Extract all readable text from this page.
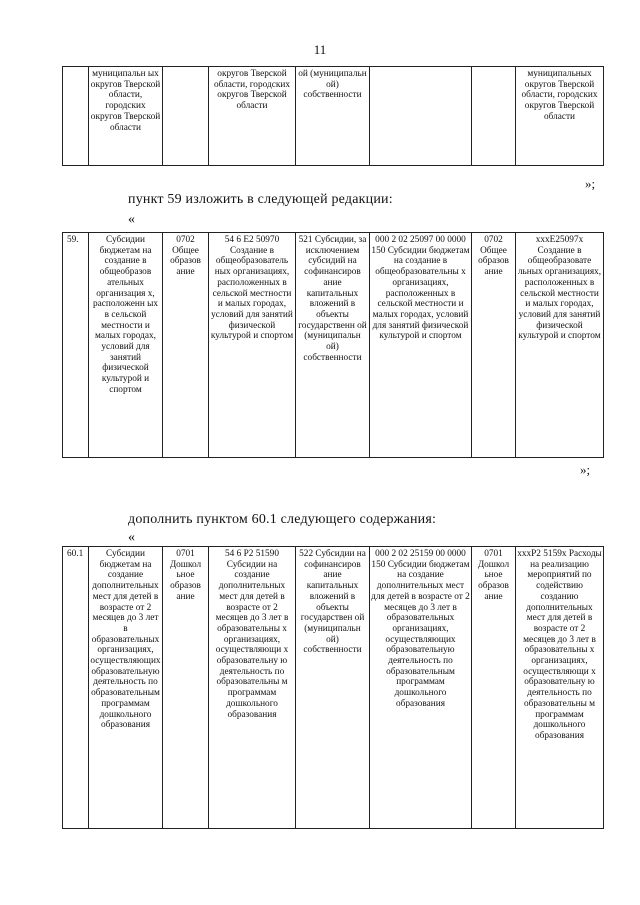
11
	муниципальн ых округов Тверской области, городских округов Тверской области		округов Тверской области, городских округов Тверской области	ой (муниципальн ой) собственности			муниципальных округов Тверской области, городских округов Тверской области
»;
пункт 59 изложить в следующей редакции:
«
59.	Субсидии бюджетам на создание в общеобразов ательных организация х, расположенн ых в сельской местности и малых городах, условий для занятий физической культурой и спортом	0702 Общее образов ание	54 6 E2 50970 Создание в общеобразователь ных организациях, расположенных в сельской местности и малых городах, условий для занятий физической культурой и спортом	521 Субсидии, за исключением субсидий на софинансиров ание капитальных вложений в объекты государственн ой (муниципальн ой) собственности	000 2 02 25097 00 0000 150 Субсидии бюджетам на создание в общеобразовательны х организациях, расположенных в сельской местности и малых городах, условий для занятий физической культурой и спортом	0702 Общее образов ание	xxxE25097x Создание в общеобразовате льных организациях, расположенных в сельской местности и малых городах, условий для занятий физической культурой и спортом
»;
дополнить пунктом 60.1 следующего содержания:
«
60.1	Субсидии бюджетам на создание дополнительных мест для детей в возрасте от 2 месяцев до 3 лет в образовательных организациях, осуществляющих образовательную деятельность по образовательным программам дошкольного образования	0701 Дошкол ьное образов ание	54 6 P2 51590 Субсидии на создание дополнительных мест для детей в возрасте от 2 месяцев до 3 лет в образовательны х организациях, осуществляющи х образовательну ю деятельность по образовательны м программам дошкольного образования	522 Субсидии на софинансиров ание капитальных вложений в объекты государствен ой (муниципальн ой) собственности	000 2 02 25159 00 0000 150 Субсидии бюджетам на создание дополнительных мест для детей в возрасте от 2 месяцев до 3 лет в образовательных организациях, осуществляющих образовательную деятельность по образовательным программам дошкольного образования	0701 Дошкол ьное образов ание	xxxP2 5159x Расходы на реализацию мероприятий по содействию созданию дополнительных мест для детей в возрасте от 2 месяцев до 3 лет в образовательны х организациях, осуществляющи х образовательну ю деятельность по образовательны м программам дошкольного образования
